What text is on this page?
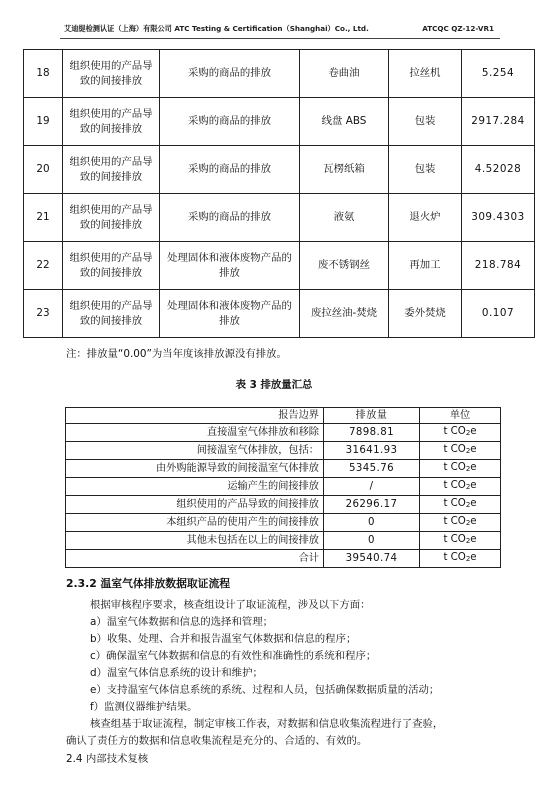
艾迪缇检测认证（上海）有限公司 ATC Testing & Certification（Shanghai）Co., Ltd.	ATCQC QZ-12-VR1
18	组织使用的产品导致的间接排放	采购的商品的排放	卷曲油	拉丝机	5.254
19	组织使用的产品导致的间接排放	采购的商品的排放	线盘 ABS	包装	2917.284
20	组织使用的产品导致的间接排放	采购的商品的排放	瓦楞纸箱	包装	4.52028
21	组织使用的产品导致的间接排放	采购的商品的排放	液氨	退火炉	309.4303
22	组织使用的产品导致的间接排放	处理固体和液体废物产品的排放	废不锈钢丝	再加工	218.784
23	组织使用的产品导致的间接排放	处理固体和液体废物产品的排放	废拉丝油-焚烧	委外焚烧	0.107
注：排放量“0.00”为当年度该排放源没有排放。
表 3 排放量汇总
报告边界	排放量	单位
直接温室气体排放和移除	7898.81	t CO2e
间接温室气体排放，包括：	31641.93	t CO2e
由外购能源导致的间接温室气体排放	5345.76	t CO2e
运输产生的间接排放	/	t CO2e
组织使用的产品导致的间接排放	26296.17	t CO2e
本组织产品的使用产生的间接排放	0	t CO2e
其他未包括在以上的间接排放	0	t CO2e
合计	39540.74	t CO2e
2.3.2 温室气体排放数据取证流程
根据审核程序要求，核查组设计了取证流程，涉及以下方面：
a）温室气体数据和信息的选择和管理；
b）收集、处理、合并和报告温室气体数据和信息的程序；
c）确保温室气体数据和信息的有效性和准确性的系统和程序；
d）温室气体信息系统的设计和维护；
e）支持温室气体信息系统的系统、过程和人员，包括确保数据质量的活动；
f）监测仪器维护结果。
核查组基于取证流程，制定审核工作表，对数据和信息收集流程进行了查验，
确认了责任方的数据和信息收集流程是充分的、合适的、有效的。
2.4 内部技术复核
